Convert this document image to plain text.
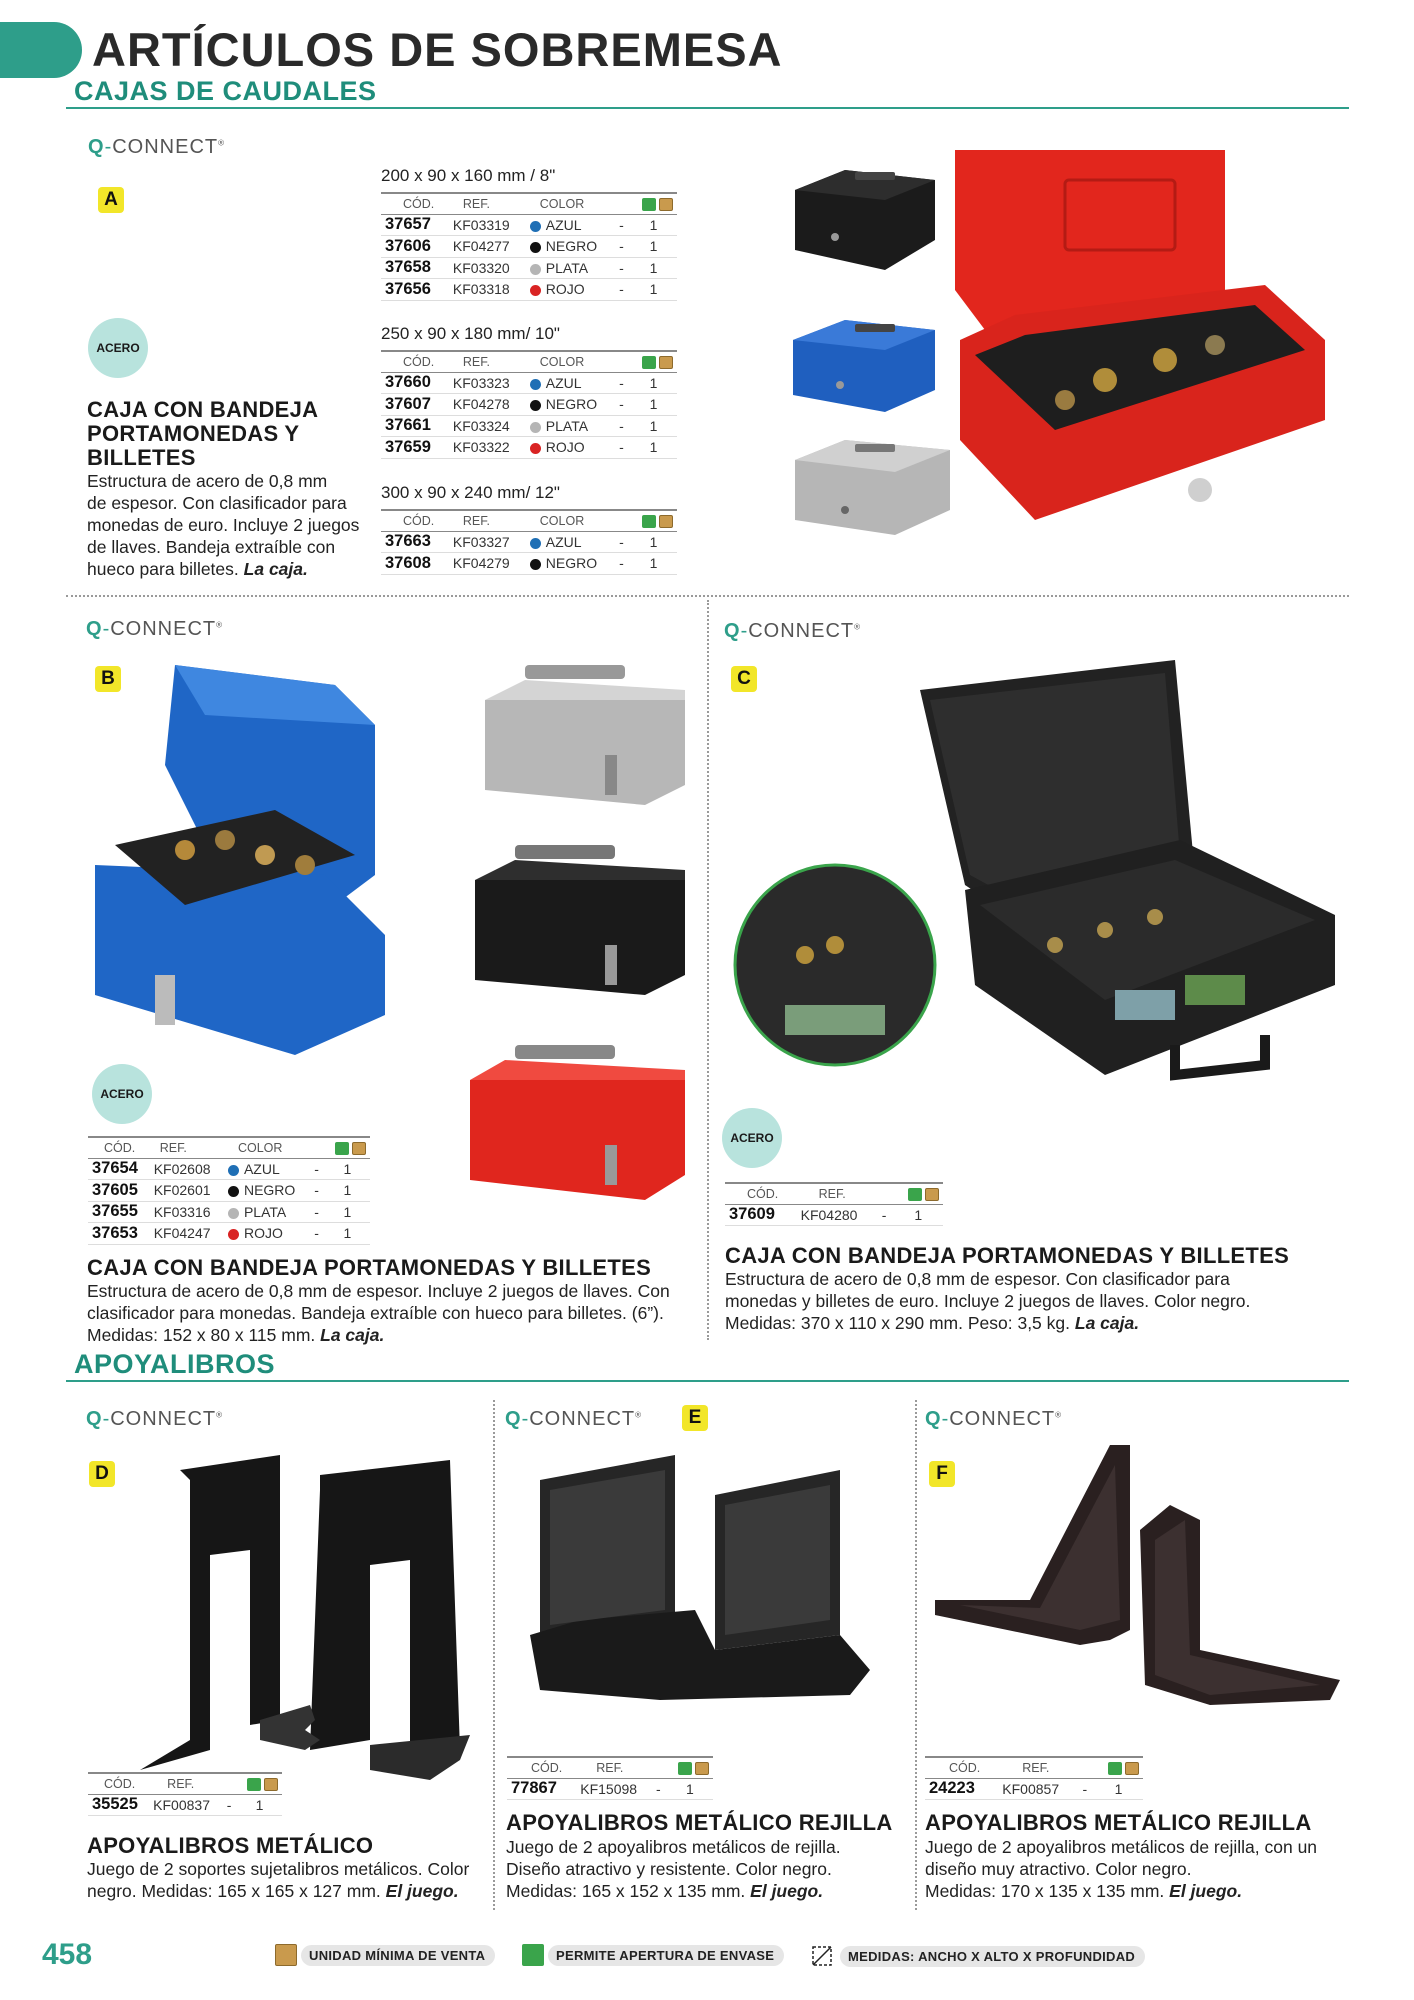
ARTÍCULOS DE SOBREMESA
CAJAS DE CAUDALES
Q-CONNECT®
A
ACERO
CAJA CON BANDEJA
PORTAMONEDAS Y
BILLETES
Estructura de acero de 0,8 mm
de espesor. Con clasificador para
monedas de euro. Incluye 2 juegos
de llaves. Bandeja extraíble con
hueco para billetes. La caja.
200 x 90 x 160 mm / 8"
CÓD.	REF.	COLOR		
37657	KF03319	AZUL	-	1
37606	KF04277	NEGRO	-	1
37658	KF03320	PLATA	-	1
37656	KF03318	ROJO	-	1
250 x 90 x 180 mm/ 10"
CÓD.	REF.	COLOR		
37660	KF03323	AZUL	-	1
37607	KF04278	NEGRO	-	1
37661	KF03324	PLATA	-	1
37659	KF03322	ROJO	-	1
300 x 90 x 240 mm/ 12"
CÓD.	REF.	COLOR		
37663	KF03327	AZUL	-	1
37608	KF04279	NEGRO	-	1
Q-CONNECT®
B
ACERO
CÓD.	REF.	COLOR		
37654	KF02608	AZUL	-	1
37605	KF02601	NEGRO	-	1
37655	KF03316	PLATA	-	1
37653	KF04247	ROJO	-	1
CAJA CON BANDEJA PORTAMONEDAS Y BILLETES
Estructura de acero de 0,8 mm de espesor. Incluye 2 juegos de llaves. Con
clasificador para monedas. Bandeja extraíble con hueco para billetes. (6”).
Medidas: 152 x 80 x 115 mm. La caja.
Q-CONNECT®
C
ACERO
CÓD.	REF.		
37609	KF04280	-	1
CAJA CON BANDEJA PORTAMONEDAS Y BILLETES
Estructura de acero de 0,8 mm de espesor. Con clasificador para
monedas y billetes de euro. Incluye 2 juegos de llaves. Color negro.
Medidas: 370 x 110 x 290 mm. Peso: 3,5 kg. La caja.
APOYALIBROS
Q-CONNECT®
D
CÓD.	REF.		
35525	KF00837	-	1
APOYALIBROS METÁLICO
Juego de 2 soportes sujetalibros metálicos. Color
negro. Medidas: 165 x 165 x 127 mm. El juego.
Q-CONNECT®	E
CÓD.	REF.		
77867	KF15098	-	1
APOYALIBROS METÁLICO REJILLA
Juego de 2 apoyalibros metálicos de rejilla.
Diseño atractivo y resistente. Color negro.
Medidas: 165 x 152 x 135 mm. El juego.
Q-CONNECT®
F
CÓD.	REF.		
24223	KF00857	-	1
APOYALIBROS METÁLICO REJILLA
Juego de 2 apoyalibros metálicos de rejilla, con un
diseño muy atractivo. Color negro.
Medidas: 170 x 135 x 135 mm. El juego.
458	UNIDAD MÍNIMA DE VENTA	PERMITE APERTURA DE ENVASE	MEDIDAS: ANCHO X ALTO X PROFUNDIDAD
